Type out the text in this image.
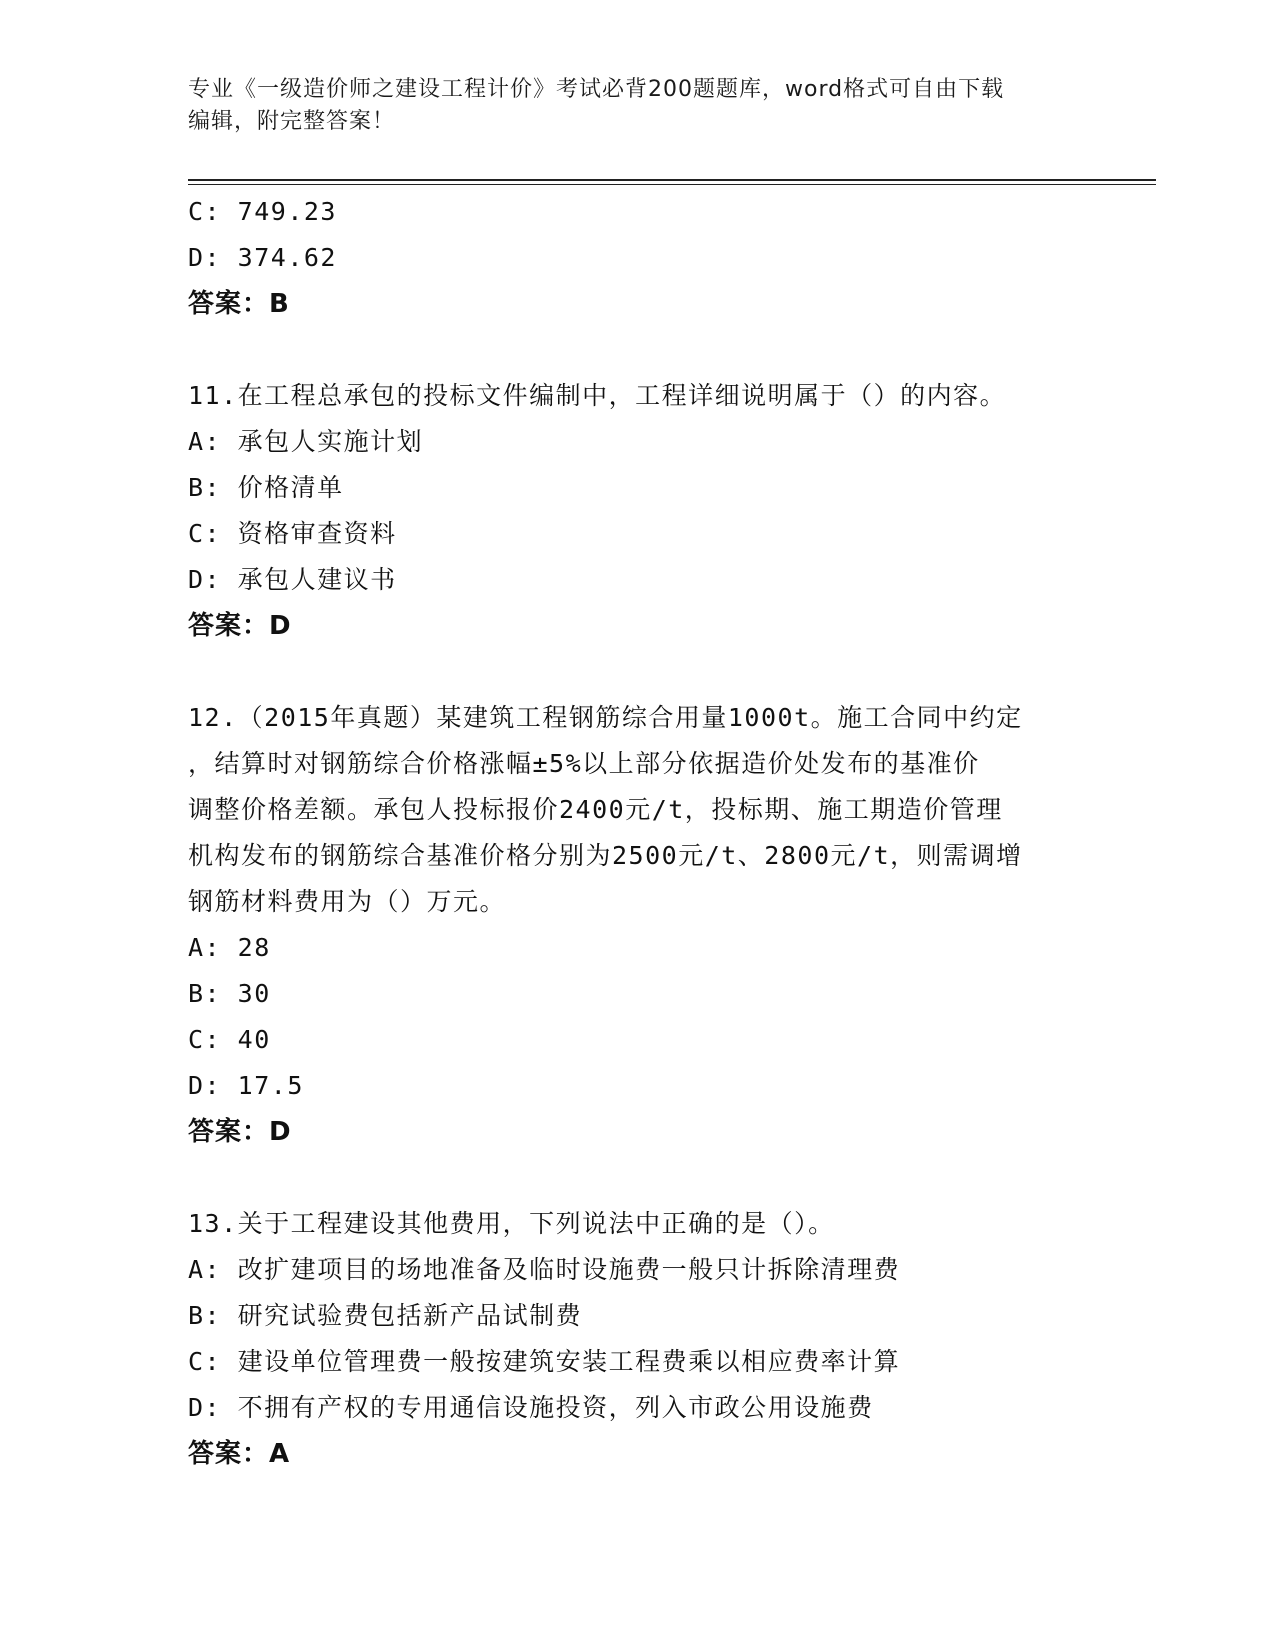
专业《一级造价师之建设工程计价》考试必背200题题库，word格式可自由下载
编辑，附完整答案！
C: 749.23
D: 374.62
答案：B
11.在工程总承包的投标文件编制中，工程详细说明属于（）的内容。
A: 承包人实施计划
B: 价格清单
C: 资格审查资料
D: 承包人建议书
答案：D
12.（2015年真题）某建筑工程钢筋综合用量1000t。施工合同中约定
，结算时对钢筋综合价格涨幅±5%以上部分依据造价处发布的基准价
调整价格差额。承包人投标报价2400元/t，投标期、施工期造价管理
机构发布的钢筋综合基准价格分别为2500元/t、2800元/t，则需调增
钢筋材料费用为（）万元。
A: 28
B: 30
C: 40
D: 17.5
答案：D
13.关于工程建设其他费用，下列说法中正确的是（）。
A: 改扩建项目的场地准备及临时设施费一般只计拆除清理费
B: 研究试验费包括新产品试制费
C: 建设单位管理费一般按建筑安装工程费乘以相应费率计算
D: 不拥有产权的专用通信设施投资，列入市政公用设施费
答案：A
